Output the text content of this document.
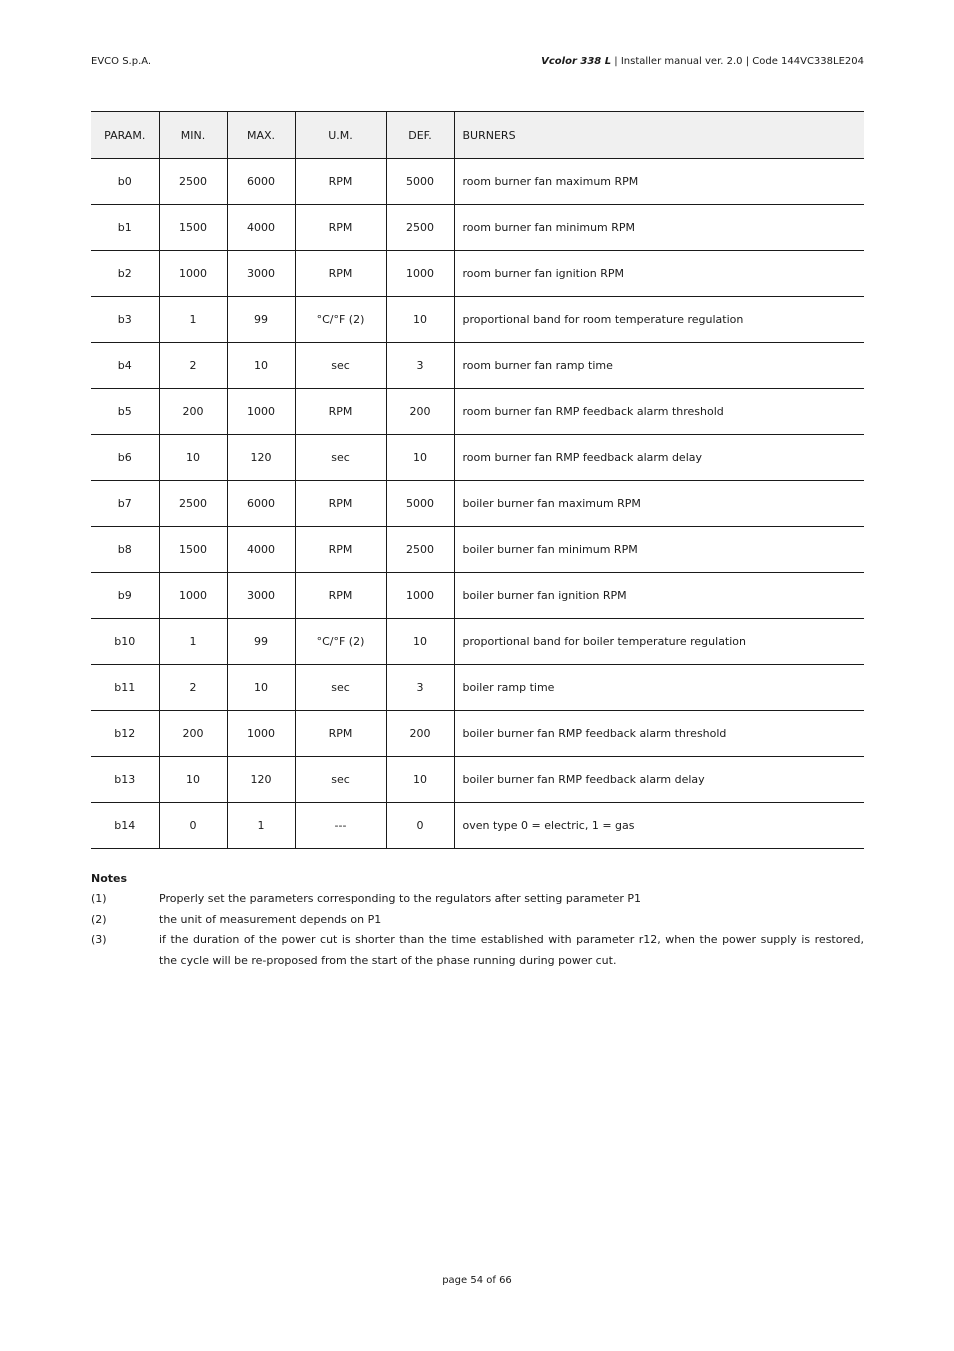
EVCO S.p.A.	Vcolor 338 L | Installer manual ver. 2.0 | Code 144VC338LE204
PARAM.	MIN.	MAX.	U.M.	DEF.	BURNERS
b0	2500	6000	RPM	5000	room burner fan maximum RPM
b1	1500	4000	RPM	2500	room burner fan minimum RPM
b2	1000	3000	RPM	1000	room burner fan ignition RPM
b3	1	99	°C/°F (2)	10	proportional band for room temperature regulation
b4	2	10	sec	3	room burner fan ramp time
b5	200	1000	RPM	200	room burner fan RMP feedback alarm threshold
b6	10	120	sec	10	room burner fan RMP feedback alarm delay
b7	2500	6000	RPM	5000	boiler burner fan maximum RPM
b8	1500	4000	RPM	2500	boiler burner fan minimum RPM
b9	1000	3000	RPM	1000	boiler burner fan ignition RPM
b10	1	99	°C/°F (2)	10	proportional band for boiler temperature regulation
b11	2	10	sec	3	boiler ramp time
b12	200	1000	RPM	200	boiler burner fan RMP feedback alarm threshold
b13	10	120	sec	10	boiler burner fan RMP feedback alarm delay
b14	0	1	---	0	oven type 0 = electric, 1 = gas
Notes
(1)	Properly set the parameters corresponding to the regulators after setting parameter P1
(2)	the unit of measurement depends on P1
(3)	if the duration of the power cut is shorter than the time established with parameter r12, when the power supply is restored, the cycle will be re-proposed from the start of the phase running during power cut.
page 54 of 66
